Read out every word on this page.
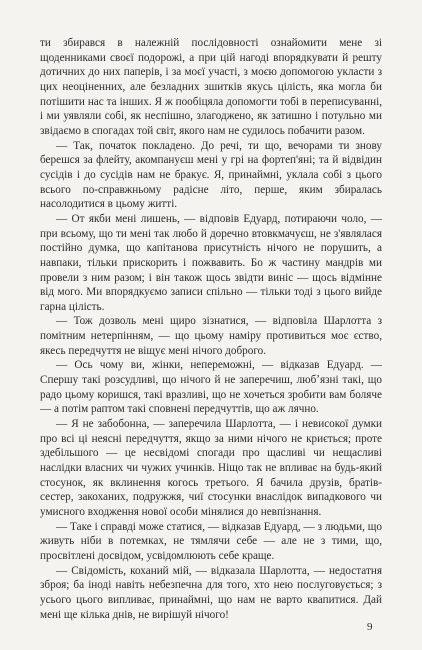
ти збирався в належній послідовності ознайомити мене зі щоденниками своєї подорожі, а при цій нагоді впорядкувати й решту дотичних до них паперів, і за моєї участі, з моєю допомогою укласти з цих неоціненних, але безладних зшитків якусь цілість, яка могла би потішити нас та інших. Я ж пообіцяла допомогти тобі в переписуванні, і ми уявляли собі, як неспішно, злагоджено, як затишно і потульно ми звідаємо в спогадах той світ, якого нам не судилось побачити разом.

— Так, початок покладено. До речі, ти що, вечорами ти знову берешся за флейту, акомпануєш мені у грі на фортеп'яні; та й відвідин сусідів і до сусідів нам не бракує. Я, принаймні, уклала собі з цього всього по-справжньому радісне літо, перше, яким збиралась насолодитися в цьому житті.

— От якби мені лишень, — відповів Едуард, потираючи чоло, — при всьому, що ти мені так любо й доречно втовкмачуєш, не з'являлася постійно думка, що капітанова присутність нічого не порушить, а навпаки, тільки прискорить і пожвавить. Бо ж частину мандрів ми провели з ним разом; і він також щось звідти виніс — щось відмінне від мого. Ми впорядкуємо записи спільно — тільки тоді з цього вийде гарна цілість.

— Тож дозволь мені щиро зізнатися, — відповіла Шарлотта з помітним нетерпінням, — що цьому наміру противиться моє єство, якесь передчуття не віщує мені нічого доброго.

— Ось чому ви, жінки, непереможні, — відказав Едуард. — Спершу такі розсудливі, що нічого й не заперечиш, любʼязні такі, що радо цьому коришся, такі вразливі, що не хочеться зробити вам боляче — а потім раптом такі сповнені передчуттів, що аж лячно.

— Я не забобонна, — заперечила Шарлотта, — і невисокої думки про всі ці неясні передчуття, якщо за ними нічого не криється; проте здебільшого — це несвідомі спогади про щасливі чи нещасливі наслідки власних чи чужих учинків. Ніщо так не впливає на будь-який стосунок, як вклинення когось третього. Я бачила друзів, братів-сестер, закоханих, подружжя, чиї стосунки внаслідок випадкового чи умисного входження нової особи мінялися до невпізнання.

— Таке і справді може статися, — відказав Едуард, — з людьми, що живуть ніби в потемках, не тямлячи себе — але не з тими, що, просвітлені досвідом, усвідомлюють себе краще.

— Свідомість, коханий мій, — відказала Шарлотта, — недостатня зброя; ба іноді навіть небезпечна для того, хто нею послуговується; з усього цього випливає, принаймні, що нам не варто квапитися. Дай мені ще кілька днів, не вирішуй нічого!

9
